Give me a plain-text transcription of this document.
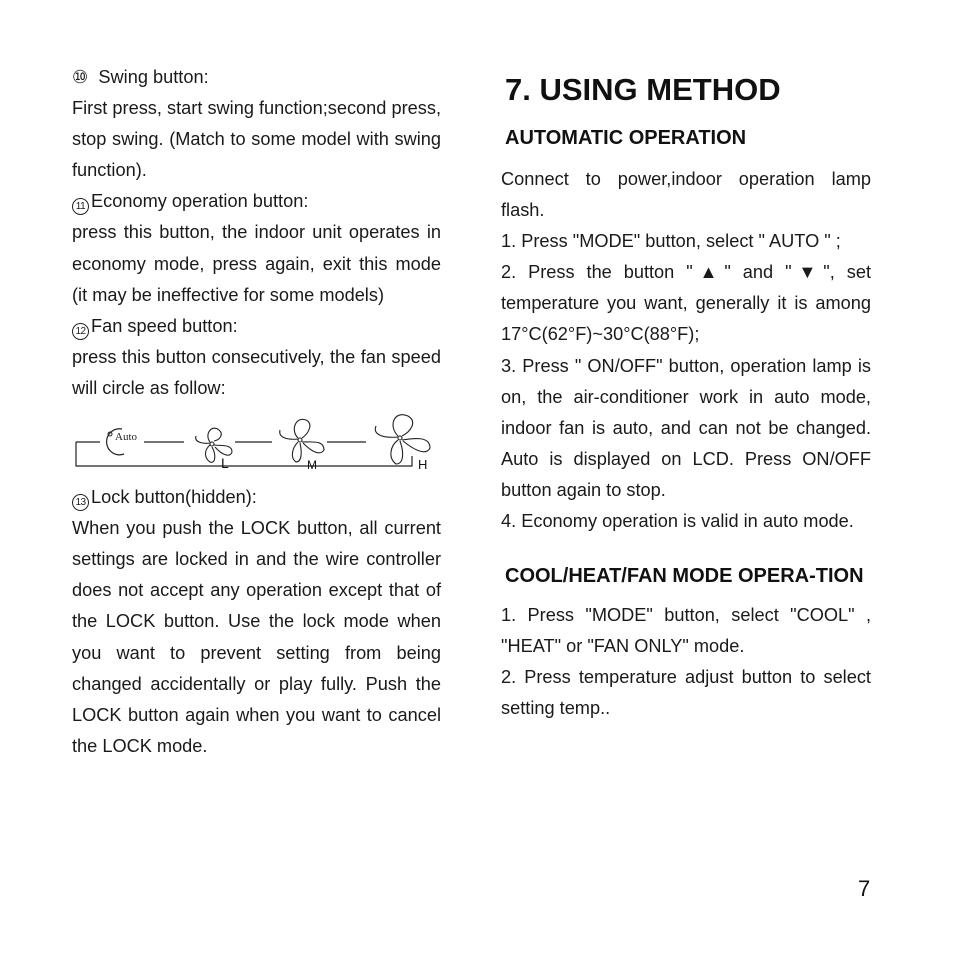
⑩ Swing button:

First press, start swing function;second press, stop swing. (Match to some model with swing function).

11 Economy operation button:

press this button, the indoor unit operates in economy mode, press again, exit this mode (it may be ineffective for some models)

12 Fan speed button:

press this button consecutively, the fan speed will circle as follow:

Auto
L	M	H

13 Lock button(hidden):

When you push the LOCK button, all current settings are locked in and the wire controller does not accept any operation except that of the LOCK button. Use the lock mode when you want to prevent setting from being changed accidentally or play fully. Push the LOCK button again when you want to cancel the LOCK mode.

7. USING METHOD
AUTOMATIC OPERATION

Connect to power,indoor operation lamp flash.

1. Press "MODE" button, select " AUTO " ;

2. Press the button "▲" and "▼", set temperature you want, generally it is among 17°C(62°F)~30°C(88°F);

3. Press " ON/OFF" button, operation lamp is on, the air-conditioner work in auto mode, indoor fan is auto, and can not be changed. Auto is displayed on LCD. Press ON/OFF button again to stop.

4. Economy operation is valid in auto mode.

COOL/HEAT/FAN MODE OPERA-TION

1. Press "MODE" button, select "COOL" , "HEAT" or "FAN ONLY" mode.

2. Press temperature adjust button to select setting temp..

7
